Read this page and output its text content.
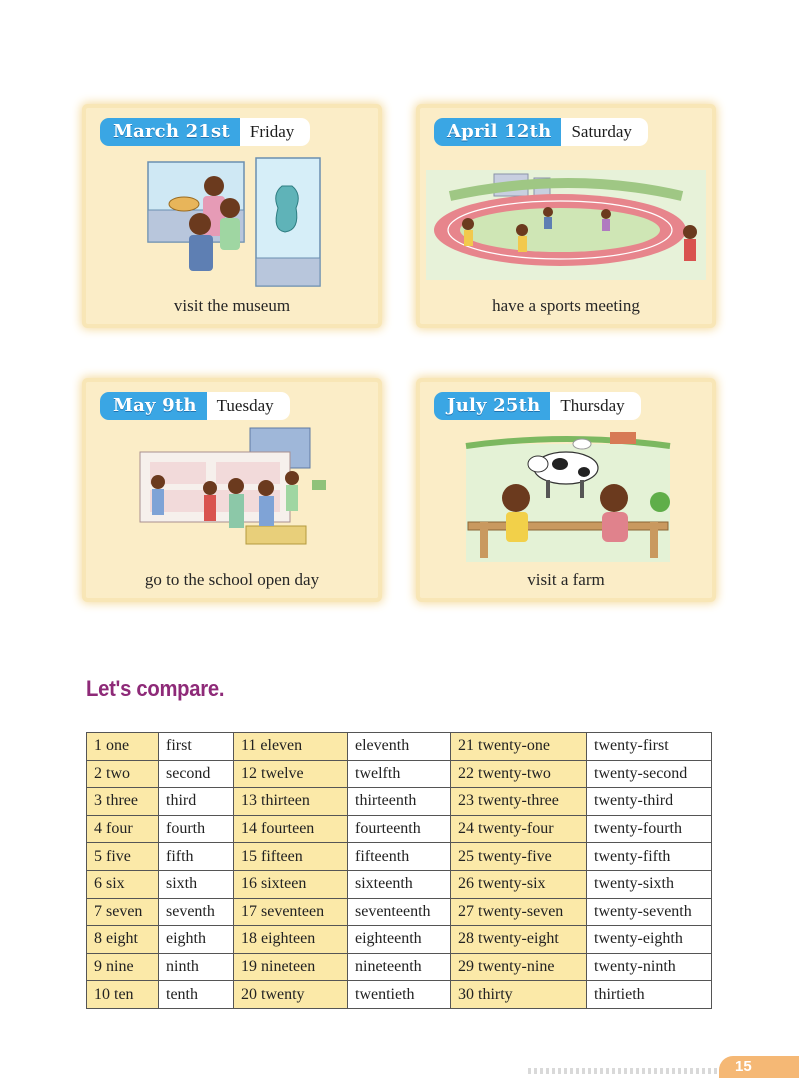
March 21st	Friday
visit the museum
April 12th	Saturday
have a sports meeting
May 9th	Tuesday
go to the school open day
July 25th	Thursday
visit a farm
Let's compare.
1 one	first	11 eleven	eleventh	21 twenty-one	twenty-first
2 two	second	12 twelve	twelfth	22 twenty-two	twenty-second
3 three	third	13 thirteen	thirteenth	23 twenty-three	twenty-third
4 four	fourth	14 fourteen	fourteenth	24 twenty-four	twenty-fourth
5 five	fifth	15 fifteen	fifteenth	25 twenty-five	twenty-fifth
6 six	sixth	16 sixteen	sixteenth	26 twenty-six	twenty-sixth
7 seven	seventh	17 seventeen	seventeenth	27 twenty-seven	twenty-seventh
8 eight	eighth	18 eighteen	eighteenth	28 twenty-eight	twenty-eighth
9 nine	ninth	19 nineteen	nineteenth	29 twenty-nine	twenty-ninth
10 ten	tenth	20 twenty	twentieth	30 thirty	thirtieth
15
